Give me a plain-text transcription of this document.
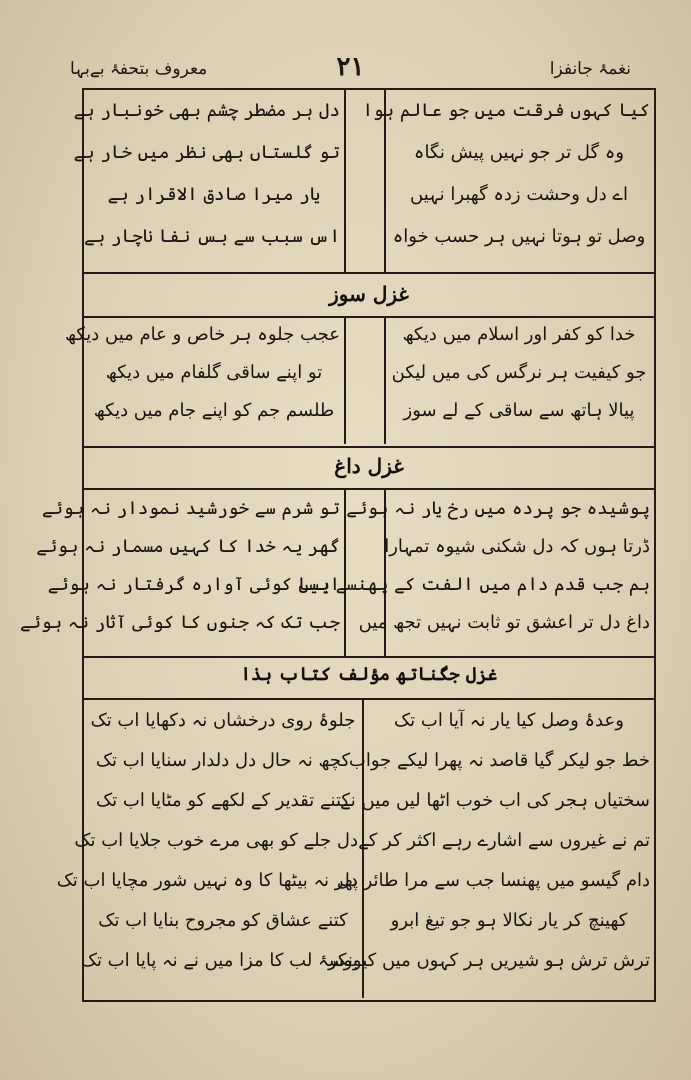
نغمۂ جانفزا
۲۱
معروف بتحفۂ بےبہا
کیا کہوں فرقت میں جو عالم ہوا
وہ گل تر جو نہیں پیش نگاہ
اے دل وحشت زدہ گھبرا نہیں
وصل تو ہوتا نہیں ہر حسب خواہ
دل ہر مضطر چشم بھی خونبار ہے
تو گلستاں بھی نظر میں خار ہے
یار میرا صادق الاقرار ہے
اس سبب سے بس نفا ناچار ہے
غزل سوز
خدا کو کفر اور اسلام میں دیکھ
جو کیفیت ہر نرگس کی میں لیکن
پیالا ہاتھ سے ساقی کے لے سوز
عجب جلوہ ہر خاص و عام میں دیکھ
تو اپنے ساقی گلفام میں دیکھ
طلسم جم کو اپنے جام میں دیکھ
غزل داغ
پوشیدہ جو پردہ میں رخ یار نہ ہوئے
ڈرتا ہوں کہ دل شکنی شیوہ تمہارا
ہم جب قدم دام میں الفت کے پھنسے ہیں
داغ دل تر اعشق تو ثابت نہیں تجھ میں
تو شرم سے خورشید نمودار نہ ہوئے
گھر یہ خدا کا کہیں مسمار نہ ہوئے
ایسا کوئی آوارہ گرفتار نہ ہوئے
جب تک کہ جنوں کا کوئی آثار نہ ہوئے
غزل جگناتھ مؤلف کتاب ہذا
وعدۂ وصل کیا یار نہ آیا اب تک
خط جو لیکر گیا قاصد نہ پھرا لیکے جواب
سختیاں ہجر کی اب خوب اٹھا لیں میں نے
تم نے غیروں سے اشارے رہے اکثر کر کے
دام گیسو میں پھنسا جب سے مرا طائر دل
کھینچ کر یار نکالا ہو جو تیغ ابرو
ترش ترش ہو شیریں ہر کہوں میں کیونکر
جلوۂ روی درخشاں نہ دکھایا اب تک
کچھ نہ حال دل دلدار سنایا اب تک
کتنے تقدیر کے لکھے کو مٹایا اب تک
دل جلے کو بھی مرے خوب جلایا اب تک
پھر نہ بیٹھا کا وہ نہیں شور مچایا اب تک
کتنے عشاق کو مجروح بنایا اب تک
بوسۂ لب کا مزا میں نے نہ پایا اب تک
